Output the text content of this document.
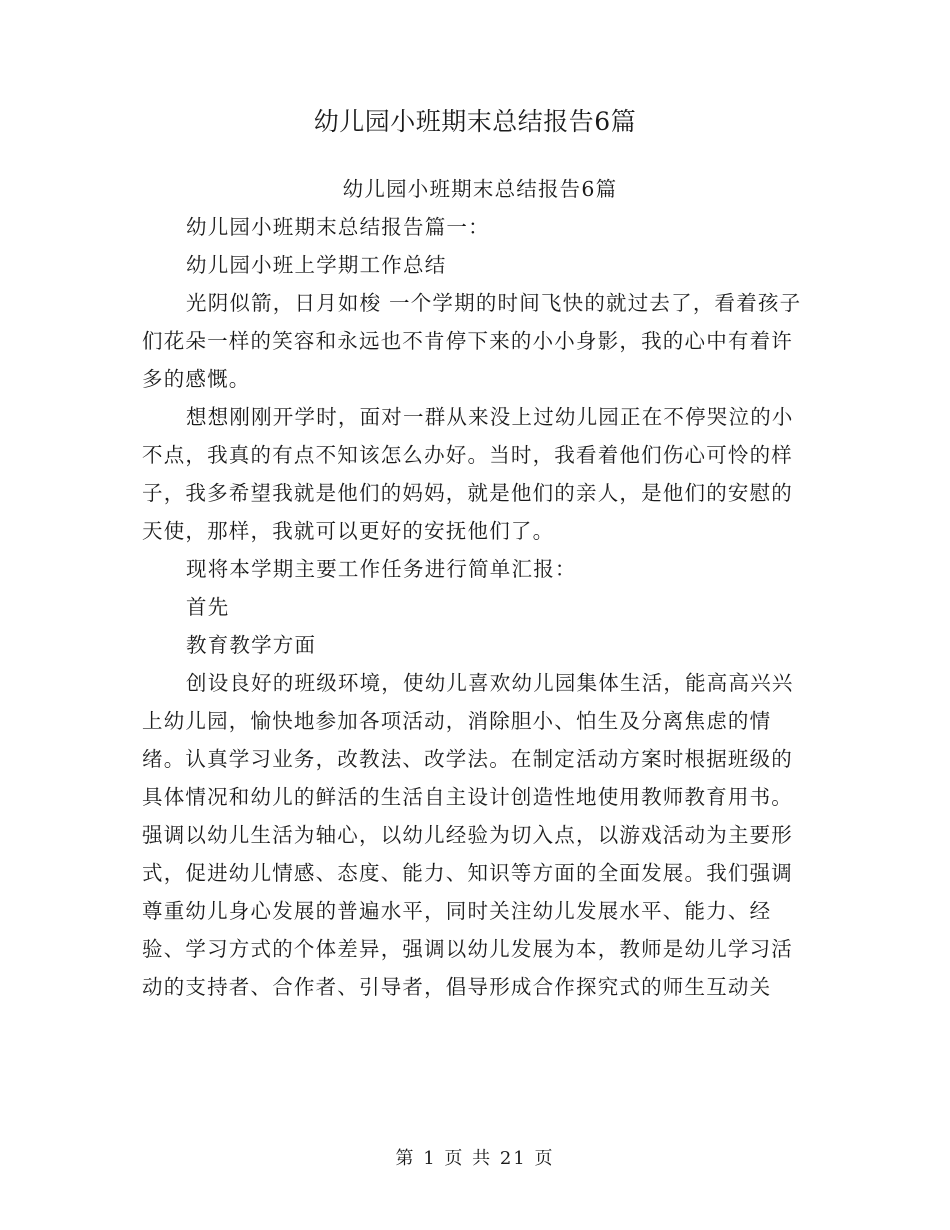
幼儿园小班期末总结报告6篇

幼儿园小班期末总结报告6篇

幼儿园小班期末总结报告篇一：

幼儿园小班上学期工作总结

光阴似箭，日月如梭 一个学期的时间飞快的就过去了，看着孩子们花朵一样的笑容和永远也不肯停下来的小小身影，我的心中有着许多的感慨。

想想刚刚开学时，面对一群从来没上过幼儿园正在不停哭泣的小不点，我真的有点不知该怎么办好。当时，我看着他们伤心可怜的样子，我多希望我就是他们的妈妈，就是他们的亲人，是他们的安慰的天使，那样，我就可以更好的安抚他们了。

现将本学期主要工作任务进行简单汇报：

首先

教育教学方面

创设良好的班级环境，使幼儿喜欢幼儿园集体生活，能高高兴兴上幼儿园，愉快地参加各项活动，消除胆小、怕生及分离焦虑的情绪。认真学习业务，改教法、改学法。在制定活动方案时根据班级的具体情况和幼儿的鲜活的生活自主设计创造性地使用教师教育用书。强调以幼儿生活为轴心，以幼儿经验为切入点，以游戏活动为主要形式，促进幼儿情感、态度、能力、知识等方面的全面发展。我们强调尊重幼儿身心发展的普遍水平，同时关注幼儿发展水平、能力、经验、学习方式的个体差异，强调以幼儿发展为本，教师是幼儿学习活动的支持者、合作者、引导者，倡导形成合作探究式的师生互动关

第 1 页 共 21 页
